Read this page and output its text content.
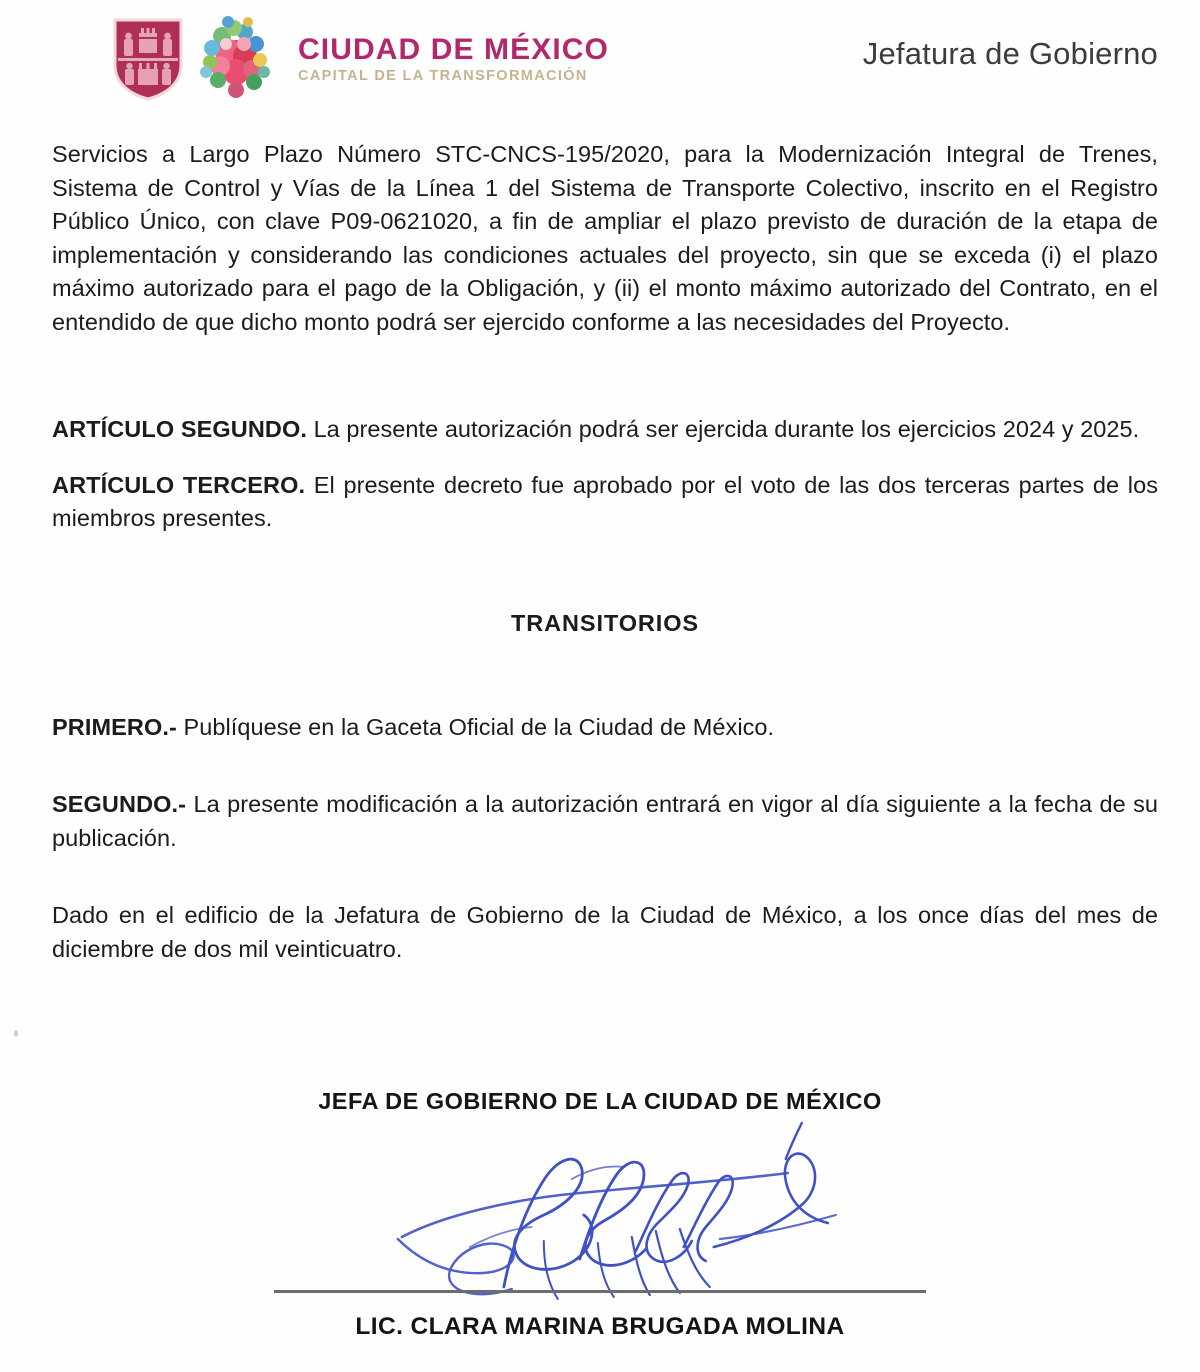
CIUDAD DE MÉXICO
CAPITAL DE LA TRANSFORMACIÓN
Jefatura de Gobierno

Servicios a Largo Plazo Número STC-CNCS-195/2020, para la Modernización Integral de Trenes, Sistema de Control y Vías de la Línea 1 del Sistema de Transporte Colectivo, inscrito en el Registro Público Único, con clave P09-0621020, a fin de ampliar el plazo previsto de duración de la etapa de implementación y considerando las condiciones actuales del proyecto, sin que se exceda (i) el plazo máximo autorizado para el pago de la Obligación, y (ii) el monto máximo autorizado del Contrato, en el entendido de que dicho monto podrá ser ejercido conforme a las necesidades del Proyecto.

ARTÍCULO SEGUNDO. La presente autorización podrá ser ejercida durante los ejercicios 2024 y 2025.

ARTÍCULO TERCERO. El presente decreto fue aprobado por el voto de las dos terceras partes de los miembros presentes.

TRANSITORIOS

PRIMERO.- Publíquese en la Gaceta Oficial de la Ciudad de México.

SEGUNDO.- La presente modificación a la autorización entrará en vigor al día siguiente a la fecha de su publicación.

Dado en el edificio de la Jefatura de Gobierno de la Ciudad de México, a los once días del mes de diciembre de dos mil veinticuatro.

JEFA DE GOBIERNO DE LA CIUDAD DE MÉXICO
LIC. CLARA MARINA BRUGADA MOLINA
